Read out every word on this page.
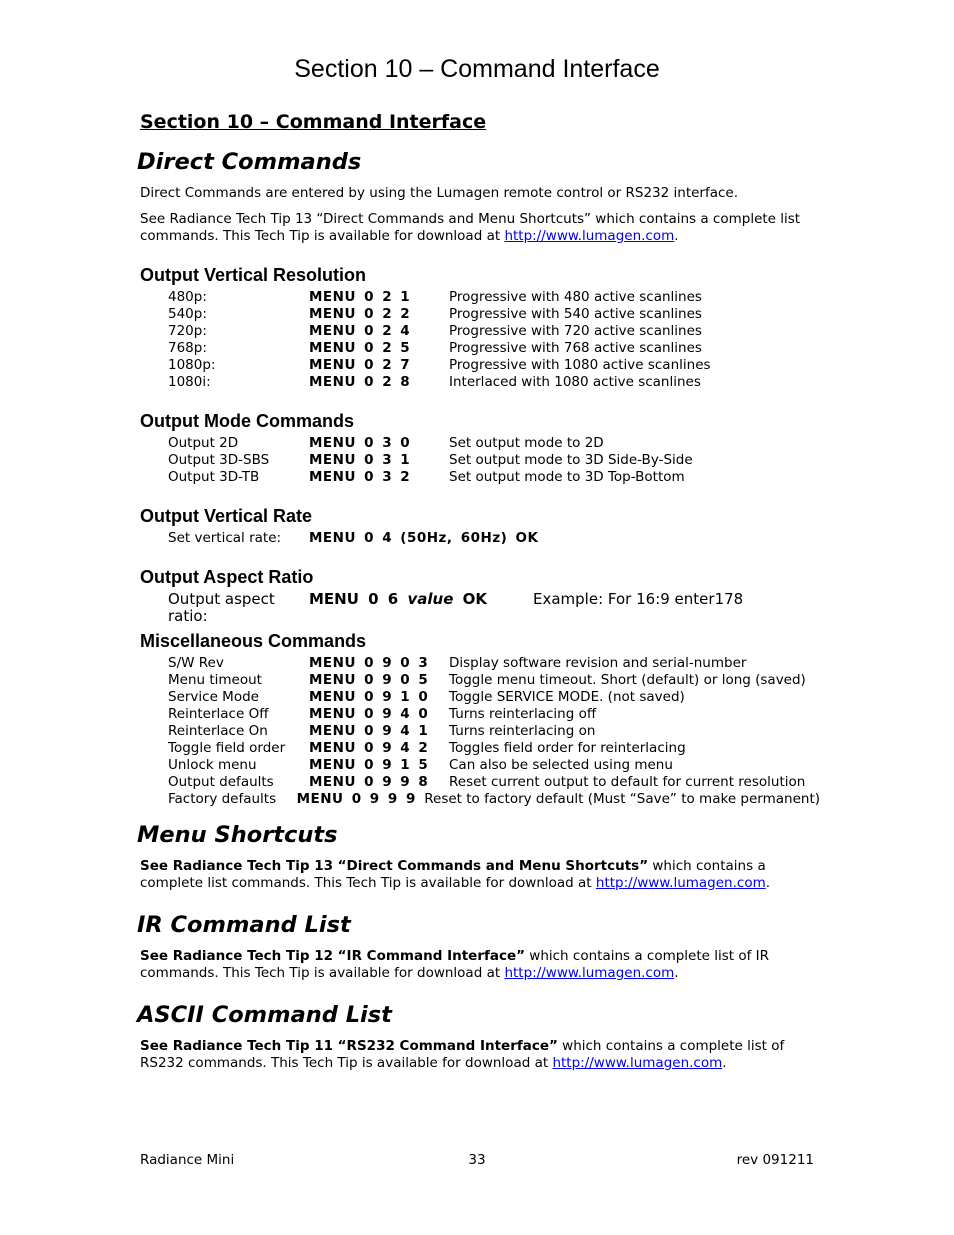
Section 10 – Command Interface
Section 10 – Command Interface
Direct Commands

Direct Commands are entered by using the Lumagen remote control or RS232 interface.

See Radiance Tech Tip 13 “Direct Commands and Menu Shortcuts” which contains a complete list commands. This Tech Tip is available for download at http://www.lumagen.com.

Output Vertical Resolution
480p:	MENU 0 2 1	Progressive with 480 active scanlines
540p:	MENU 0 2 2	Progressive with 540 active scanlines
720p:	MENU 0 2 4	Progressive with 720 active scanlines
768p:	MENU 0 2 5	Progressive with 768 active scanlines
1080p:	MENU 0 2 7	Progressive with 1080 active scanlines
1080i:	MENU 0 2 8	Interlaced with 1080 active scanlines
Output Mode Commands
Output 2D	MENU 0 3 0	Set output mode to 2D
Output 3D-SBS	MENU 0 3 1	Set output mode to 3D Side-By-Side
Output 3D-TB	MENU 0 3 2	Set output mode to 3D Top-Bottom
Output Vertical Rate
Set vertical rate:	MENU 0 4 (50Hz, 60Hz) OK
Output Aspect Ratio
Output aspect ratio:
MENU 0 6 value OK	Example: For 16:9 enter178
Miscellaneous Commands
S/W Rev	MENU 0 9 0 3	Display software revision and serial-number
Menu timeout	MENU 0 9 0 5	Toggle menu timeout. Short (default) or long (saved)
Service Mode	MENU 0 9 1 0	Toggle SERVICE MODE. (not saved)
Reinterlace Off	MENU 0 9 4 0	Turns reinterlacing off
Reinterlace On	MENU 0 9 4 1	Turns reinterlacing on
Toggle field order	MENU 0 9 4 2	Toggles field order for reinterlacing
Unlock menu	MENU 0 9 1 5	Can also be selected using menu
Output defaults	MENU 0 9 9 8	Reset current output to default for current resolution
Factory defaults	MENU 0 9 9 9 Reset to factory default (Must “Save” to make permanent)
Menu Shortcuts

See Radiance Tech Tip 13 “Direct Commands and Menu Shortcuts” which contains a complete list commands. This Tech Tip is available for download at http://www.lumagen.com.

IR Command List

See Radiance Tech Tip 12 “IR Command Interface” which contains a complete list of IR commands. This Tech Tip is available for download at http://www.lumagen.com.

ASCII Command List

See Radiance Tech Tip 11 “RS232 Command Interface” which contains a complete list of RS232 commands. This Tech Tip is available for download at http://www.lumagen.com.

Radiance Mini	33	rev 091211
